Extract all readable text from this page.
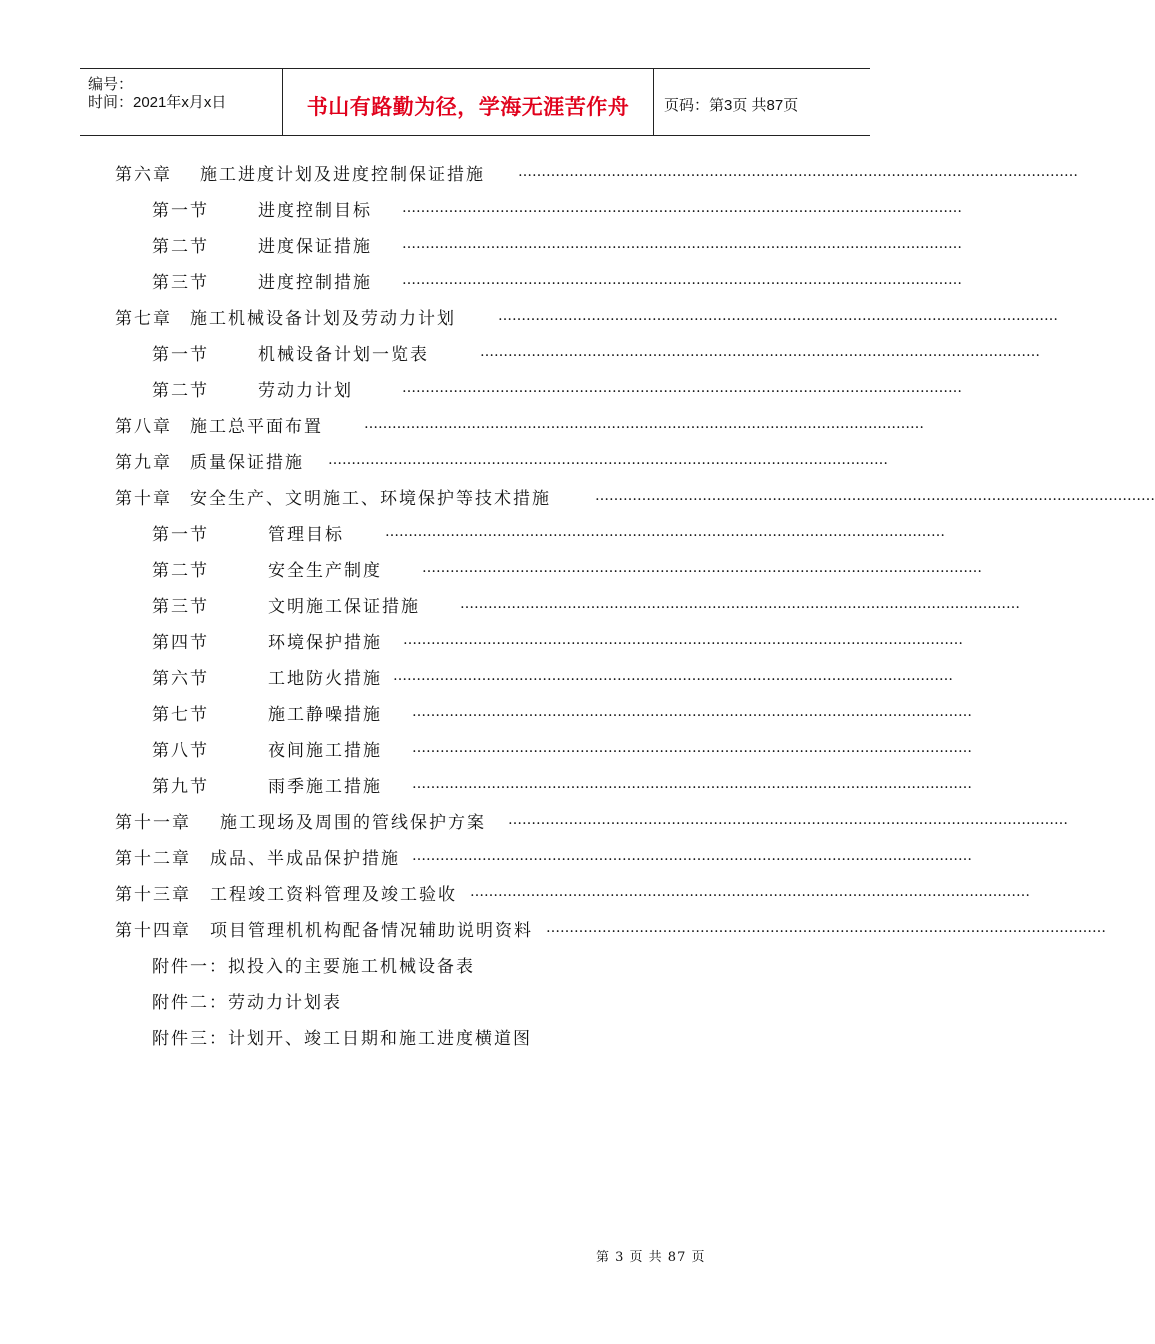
编号：
时间：2021年x月x日	书山有路勤为径，学海无涯苦作舟	页码：第3页 共87页
第六章 施工进度计划及进度控制保证措施 …………………………………………………………………………………………………………
第一节	进度控制目标 …………………………………………………………………………………………………………
第二节	进度保证措施 …………………………………………………………………………………………………………
第三节	进度控制措施 …………………………………………………………………………………………………………
第七章 施工机械设备计划及劳动力计划	…………………………………………………………………………………………………………
第一节	机械设备计划一览表	…………………………………………………………………………………………………………
第二节	劳动力计划	…………………………………………………………………………………………………………
第八章 施工总平面布置	…………………………………………………………………………………………………………
第九章 质量保证措施 …………………………………………………………………………………………………………
第十章 安全生产、文明施工、环境保护等技术措施	…………………………………………………………………………………………………………
第一节	管理目标	…………………………………………………………………………………………………………
第二节	安全生产制度	…………………………………………………………………………………………………………
第三节	文明施工保证措施	…………………………………………………………………………………………………………
第四节	环境保护措施 …………………………………………………………………………………………………………
第六节	工地防火措施 …………………………………………………………………………………………………………
第七节	施工静噪措施 …………………………………………………………………………………………………………
第八节	夜间施工措施 …………………………………………………………………………………………………………
第九节	雨季施工措施 …………………………………………………………………………………………………………
第十一章 施工现场及周围的管线保护方案 …………………………………………………………………………………………………………
第十二章 成品、半成品保护措施 …………………………………………………………………………………………………………
第十三章 工程竣工资料管理及竣工验收 …………………………………………………………………………………………………………
第十四章 项目管理机机构配备情况辅助说明资料 …………………………………………………………………………………………………………
附件一： 拟投入的主要施工机械设备表
附件二： 劳动力计划表
附件三： 计划开、竣工日期和施工进度横道图
第 3 页 共 87 页
